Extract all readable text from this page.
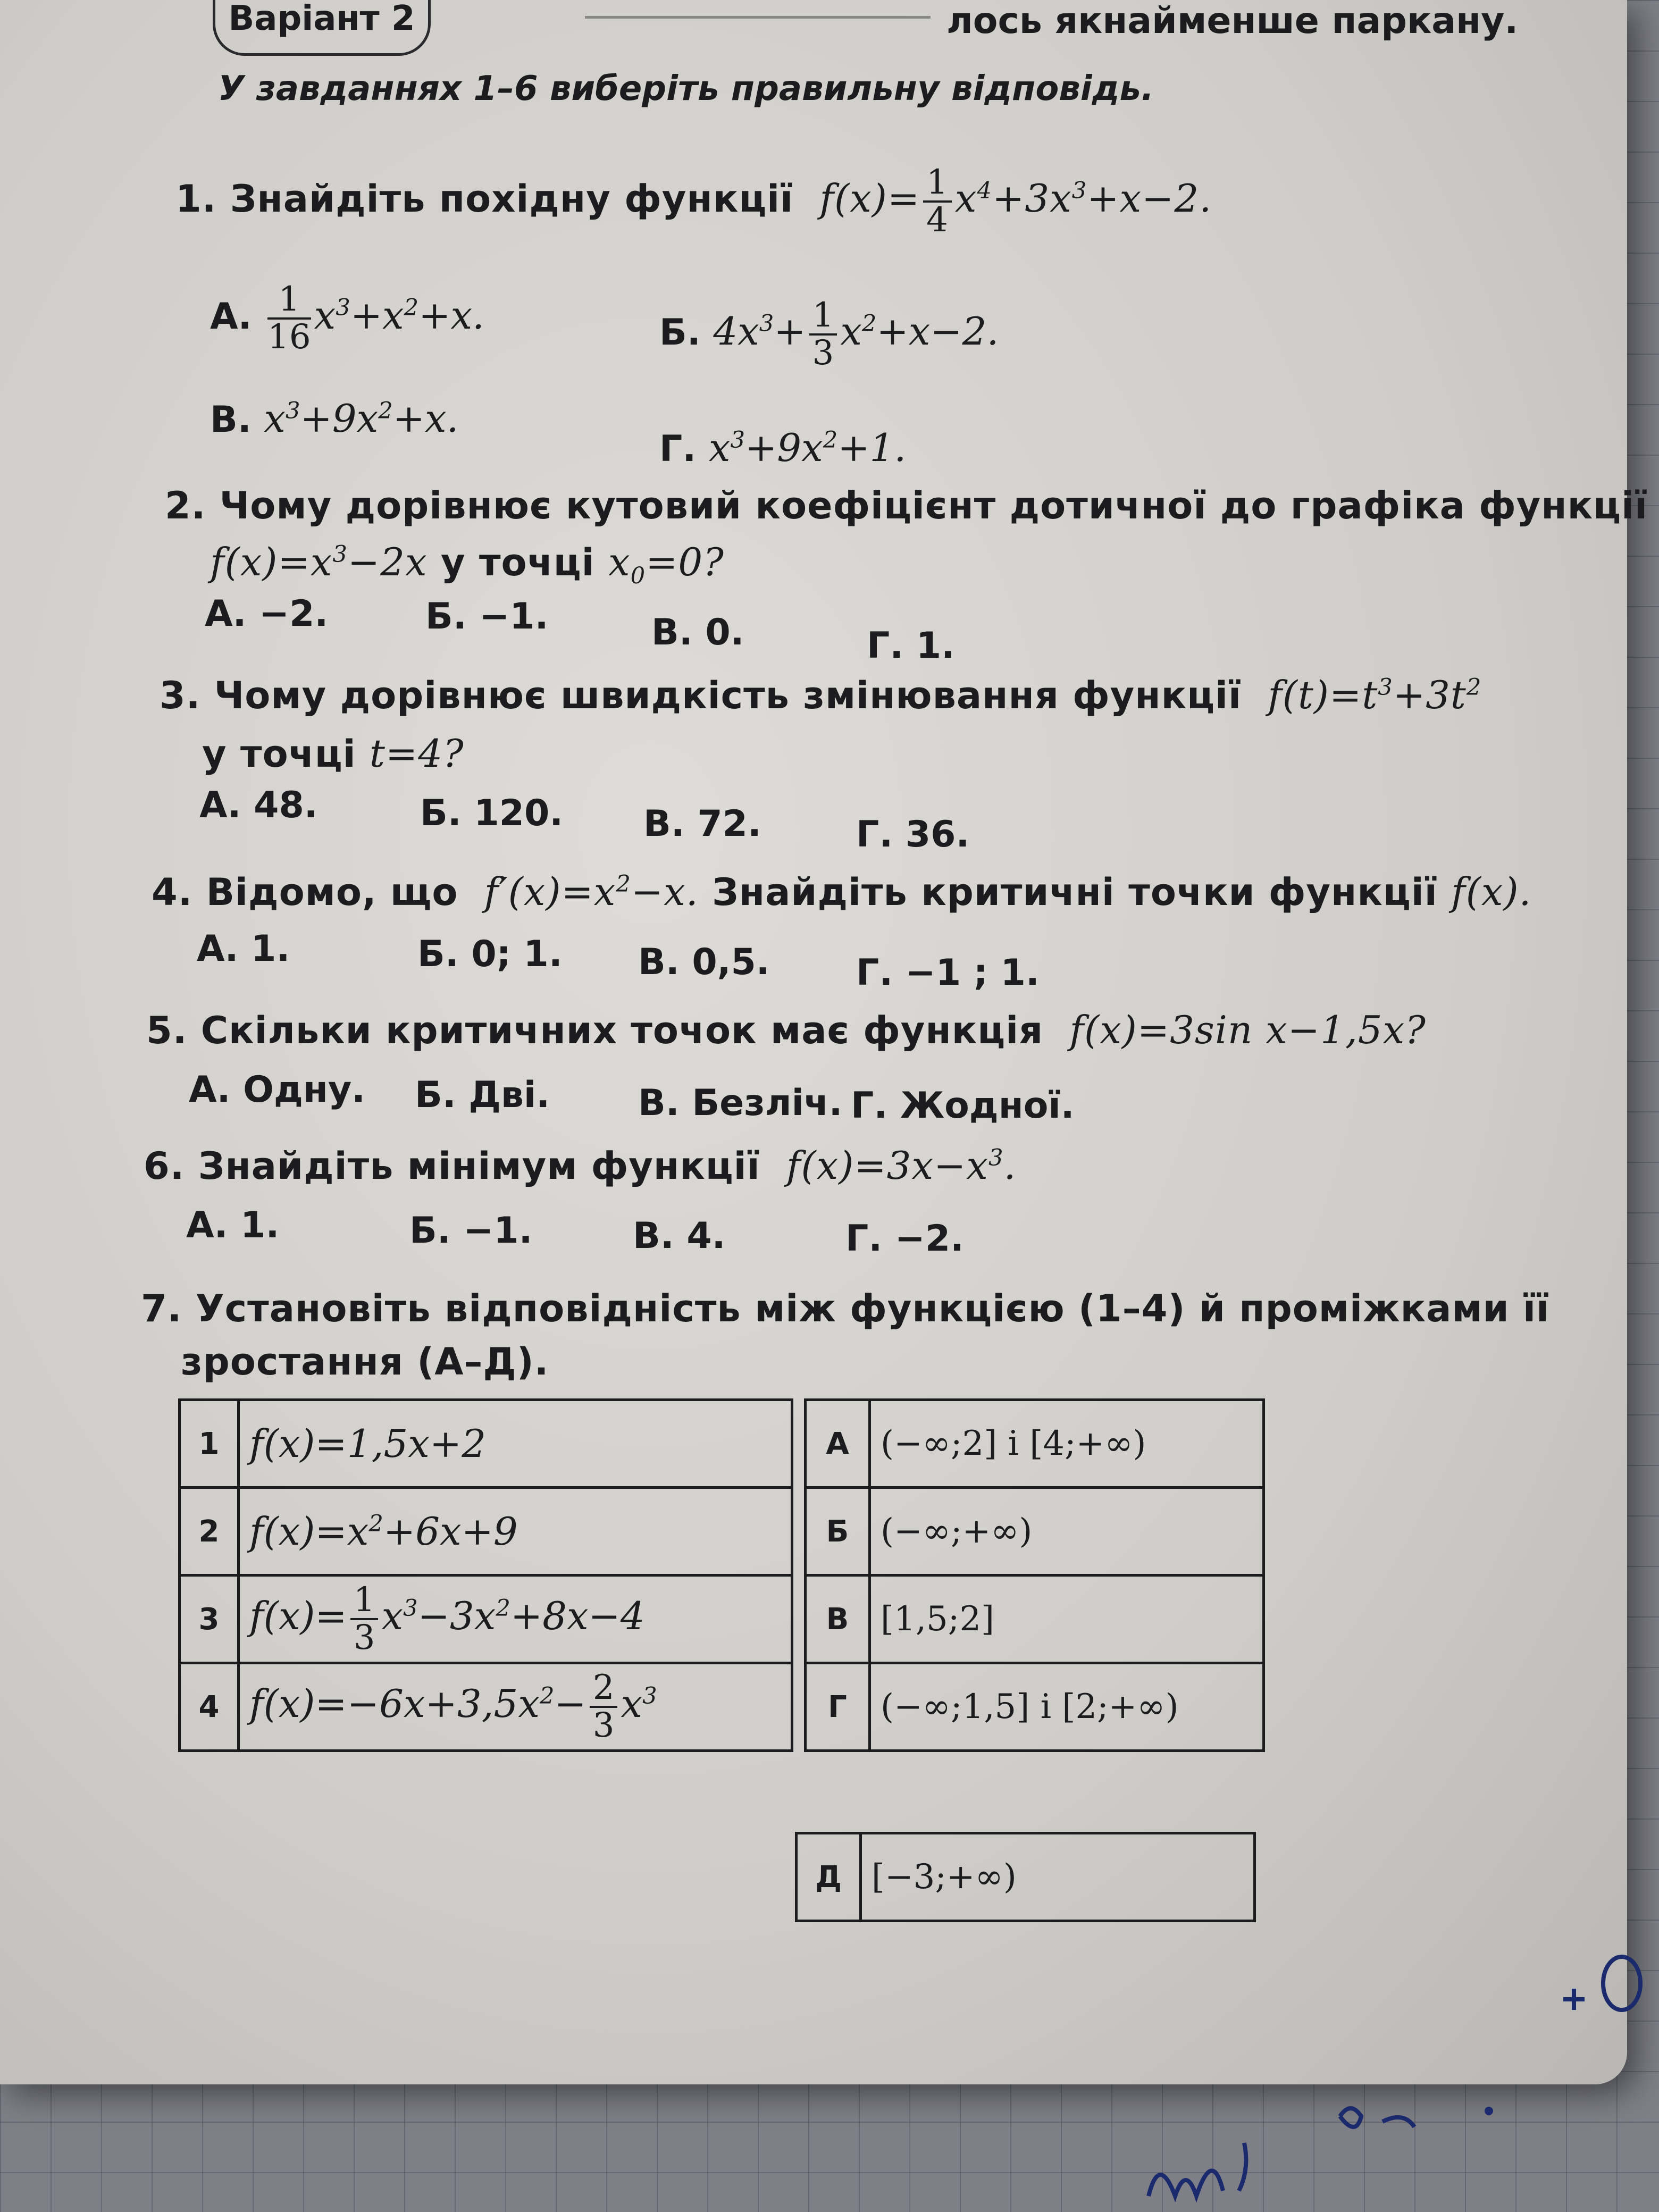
Варіант 2	лось якнайменше паркану.
У завданнях 1–6 виберіть правильну відповідь.
1. Знайдіть похідну функції  $f(x)= \frac{1}{4} x^4+3x^3+x-2$.
А. $\frac{1}{16} x^3+x^2+x$.	Б. $4x^3+ \frac{1}{3} x^2+x-2$.
В. $x^3+9x^2+x$.
Г. $x^3+9x^2+1$.
2. Чому дорівнює кутовий коефіцієнт дотичної до графіка функції
$f(x)=x^3-2x$ у точці $x_0=0$?
А. −2.	Б. −1.	В. 0.	Г. 1.
3. Чому дорівнює швидкість змінювання функції  $f(t)=t^3+3t^2$
у точці t=4?
А. 48.	Б. 120. В. 72.	Г. 36.
4. Відомо, що  $f'(x)=x^2-x$. Знайдіть критичні точки функції f(x).
А. 1.	Б. 0; 1. В. 0,5. Г. −1 ; 1.
5. Скільки критичних точок має функція  f(x)=3sin x−1,5x?
А. Одну. Б. Дві. В. Безліч. Г. Жодної.
6. Знайдіть мінімум функції  $f(x)=3x-x^3$.
А. 1.	Б. −1.	В. 4.	Г. −2.
7. Установіть відповідність між функцією (1–4) й проміжками її
зростання (А–Д).
1	f(x)=1,5x+2		А	(−∞;2] і [4;+∞)
2	$f(x)=x^2+6x+9$		Б	(−∞;+∞)
3	$f(x)= \frac{1}{3} x^3-3x^2+8x-4$		В	[1,5;2]
4	$f(x)=-6x+3,5x^2- \frac{2}{3} x^3$		Г	(−∞;1,5] і [2;+∞)
Д	[−3;+∞)
